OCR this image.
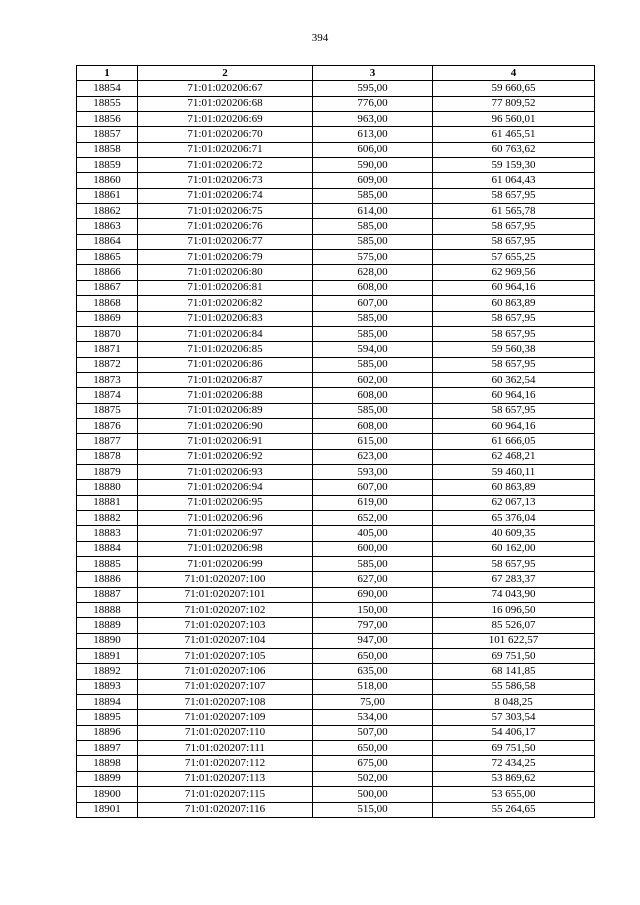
394
1	2	3	4
18854	71:01:020206:67	595,00	59 660,65
18855	71:01:020206:68	776,00	77 809,52
18856	71:01:020206:69	963,00	96 560,01
18857	71:01:020206:70	613,00	61 465,51
18858	71:01:020206:71	606,00	60 763,62
18859	71:01:020206:72	590,00	59 159,30
18860	71:01:020206:73	609,00	61 064,43
18861	71:01:020206:74	585,00	58 657,95
18862	71:01:020206:75	614,00	61 565,78
18863	71:01:020206:76	585,00	58 657,95
18864	71:01:020206:77	585,00	58 657,95
18865	71:01:020206:79	575,00	57 655,25
18866	71:01:020206:80	628,00	62 969,56
18867	71:01:020206:81	608,00	60 964,16
18868	71:01:020206:82	607,00	60 863,89
18869	71:01:020206:83	585,00	58 657,95
18870	71:01:020206:84	585,00	58 657,95
18871	71:01:020206:85	594,00	59 560,38
18872	71:01:020206:86	585,00	58 657,95
18873	71:01:020206:87	602,00	60 362,54
18874	71:01:020206:88	608,00	60 964,16
18875	71:01:020206:89	585,00	58 657,95
18876	71:01:020206:90	608,00	60 964,16
18877	71:01:020206:91	615,00	61 666,05
18878	71:01:020206:92	623,00	62 468,21
18879	71:01:020206:93	593,00	59 460,11
18880	71:01:020206:94	607,00	60 863,89
18881	71:01:020206:95	619,00	62 067,13
18882	71:01:020206:96	652,00	65 376,04
18883	71:01:020206:97	405,00	40 609,35
18884	71:01:020206:98	600,00	60 162,00
18885	71:01:020206:99	585,00	58 657,95
18886	71:01:020207:100	627,00	67 283,37
18887	71:01:020207:101	690,00	74 043,90
18888	71:01:020207:102	150,00	16 096,50
18889	71:01:020207:103	797,00	85 526,07
18890	71:01:020207:104	947,00	101 622,57
18891	71:01:020207:105	650,00	69 751,50
18892	71:01:020207:106	635,00	68 141,85
18893	71:01:020207:107	518,00	55 586,58
18894	71:01:020207:108	75,00	8 048,25
18895	71:01:020207:109	534,00	57 303,54
18896	71:01:020207:110	507,00	54 406,17
18897	71:01:020207:111	650,00	69 751,50
18898	71:01:020207:112	675,00	72 434,25
18899	71:01:020207:113	502,00	53 869,62
18900	71:01:020207:115	500,00	53 655,00
18901	71:01:020207:116	515,00	55 264,65
